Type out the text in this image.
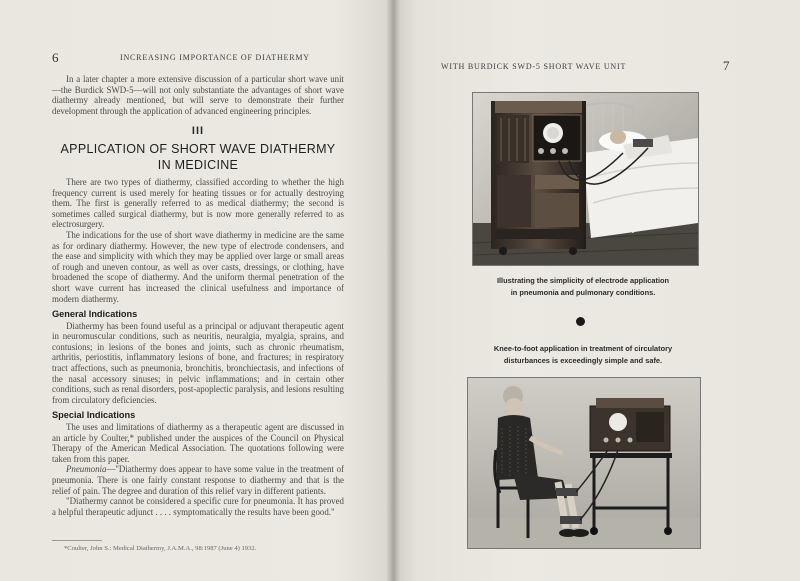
6	INCREASING IMPORTANCE OF DIATHERMY

In a later chapter a more extensive discussion of a particular short wave unit—the Burdick SWD-5—will not only substantiate the advantages of short wave diathermy already mentioned, but will serve to demonstrate their further development through the application of advanced engineering principles.

III
APPLICATION OF SHORT WAVE DIATHERMY
IN MEDICINE

There are two types of diathermy, classified according to whether the high frequency current is used merely for heating tissues or for actually destroying them. The first is generally referred to as medical diathermy; the second is sometimes called surgical diathermy, but is now more generally referred to as electrosurgery.

The indications for the use of short wave diathermy in medicine are the same as for ordinary diathermy. However, the new type of electrode condensers, and the ease and simplicity with which they may be applied over large or small areas of rough and uneven contour, as well as over casts, dressings, or clothing, have broadened the scope of diathermy. And the uniform thermal penetration of the short wave current has increased the clinical usefulness and importance of modern diathermy.

General Indications

Diathermy has been found useful as a principal or adjuvant therapeutic agent in neuromuscular conditions, such as neuritis, neuralgia, myalgia, sprains, and contusions; in lesions of the bones and joints, such as chronic rheumatism, arthritis, periostitis, inflammatory lesions of bone, and fractures; in respiratory tract affections, such as pneumonia, bronchitis, bronchiectasis, and infections of the nasal accessory sinuses; in pelvic inflammations; and in certain other conditions, such as renal disorders, post-apoplectic paralysis, and lesions resulting from circulatory deficiencies.

Special Indications

The uses and limitations of diathermy as a therapeutic agent are discussed in an article by Coulter,* published under the auspices of the Council on Physical Therapy of the American Medical Association. The quotations following were taken from this paper.

Pneumonia—"Diathermy does appear to have some value in the treatment of pneumonia. There is one fairly constant response to diathermy and that is the relief of pain. The degree and duration of this relief vary in different patients.

"Diathermy cannot be considered a specific cure for pneumonia. It has proved a helpful therapeutic adjunct . . . . symptomatically the results have been good."

*Coulter, John S.: Medical Diathermy, J.A.M.A., 98:1987 (June 4) 1932.
WITH BURDICK SWD-5 SHORT WAVE UNIT	7
Illustrating the simplicity of electrode application
in pneumonia and pulmonary conditions.
Knee-to-foot application in treatment of circulatory
disturbances is exceedingly simple and safe.
